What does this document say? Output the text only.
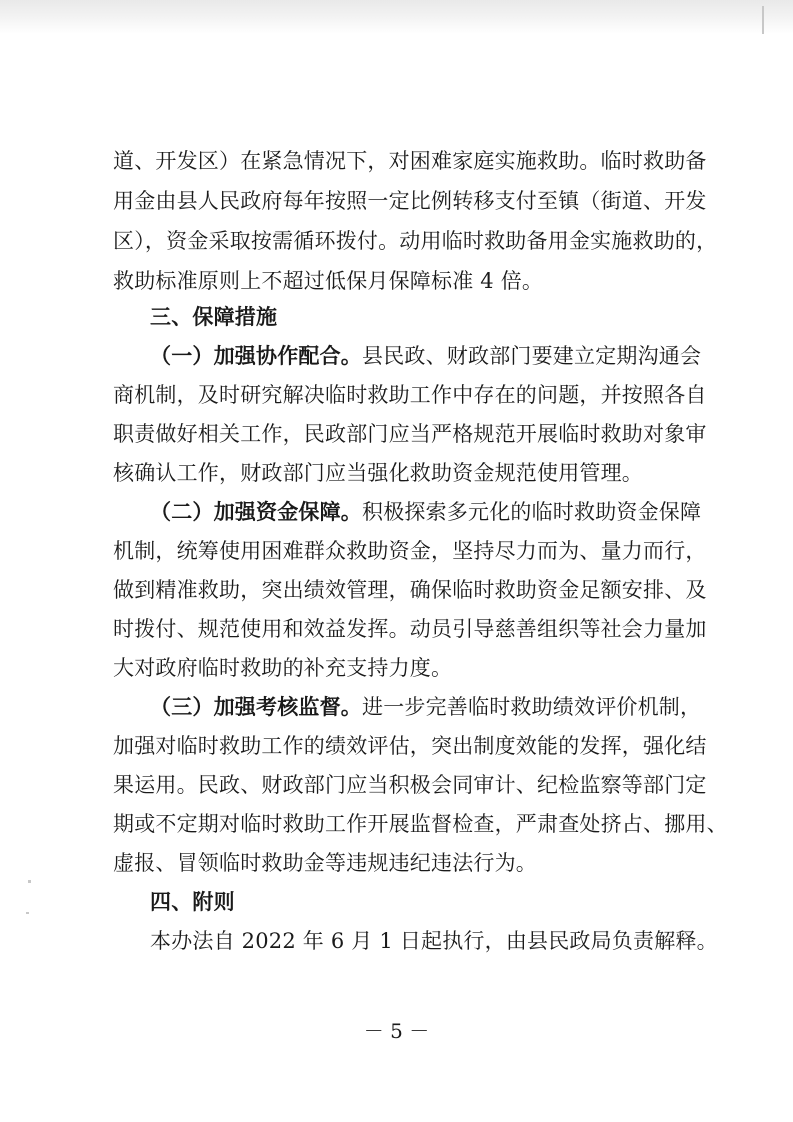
道、开发区）在紧急情况下，对困难家庭实施救助。临时救助备
用金由县人民政府每年按照一定比例转移支付至镇（街道、开发
区），资金采取按需循环拨付。动用临时救助备用金实施救助的，
救助标准原则上不超过低保月保障标准 4 倍。
三、保障措施
（一）加强协作配合。县民政、财政部门要建立定期沟通会
商机制，及时研究解决临时救助工作中存在的问题，并按照各自
职责做好相关工作，民政部门应当严格规范开展临时救助对象审
核确认工作，财政部门应当强化救助资金规范使用管理。
（二）加强资金保障。积极探索多元化的临时救助资金保障
机制，统筹使用困难群众救助资金，坚持尽力而为、量力而行，
做到精准救助，突出绩效管理，确保临时救助资金足额安排、及
时拨付、规范使用和效益发挥。动员引导慈善组织等社会力量加
大对政府临时救助的补充支持力度。
（三）加强考核监督。进一步完善临时救助绩效评价机制，
加强对临时救助工作的绩效评估，突出制度效能的发挥，强化结
果运用。民政、财政部门应当积极会同审计、纪检监察等部门定
期或不定期对临时救助工作开展监督检查，严肃查处挤占、挪用、
虚报、冒领临时救助金等违规违纪违法行为。
四、附则
本办法自 2022 年 6 月 1 日起执行，由县民政局负责解释。
－ 5 －
